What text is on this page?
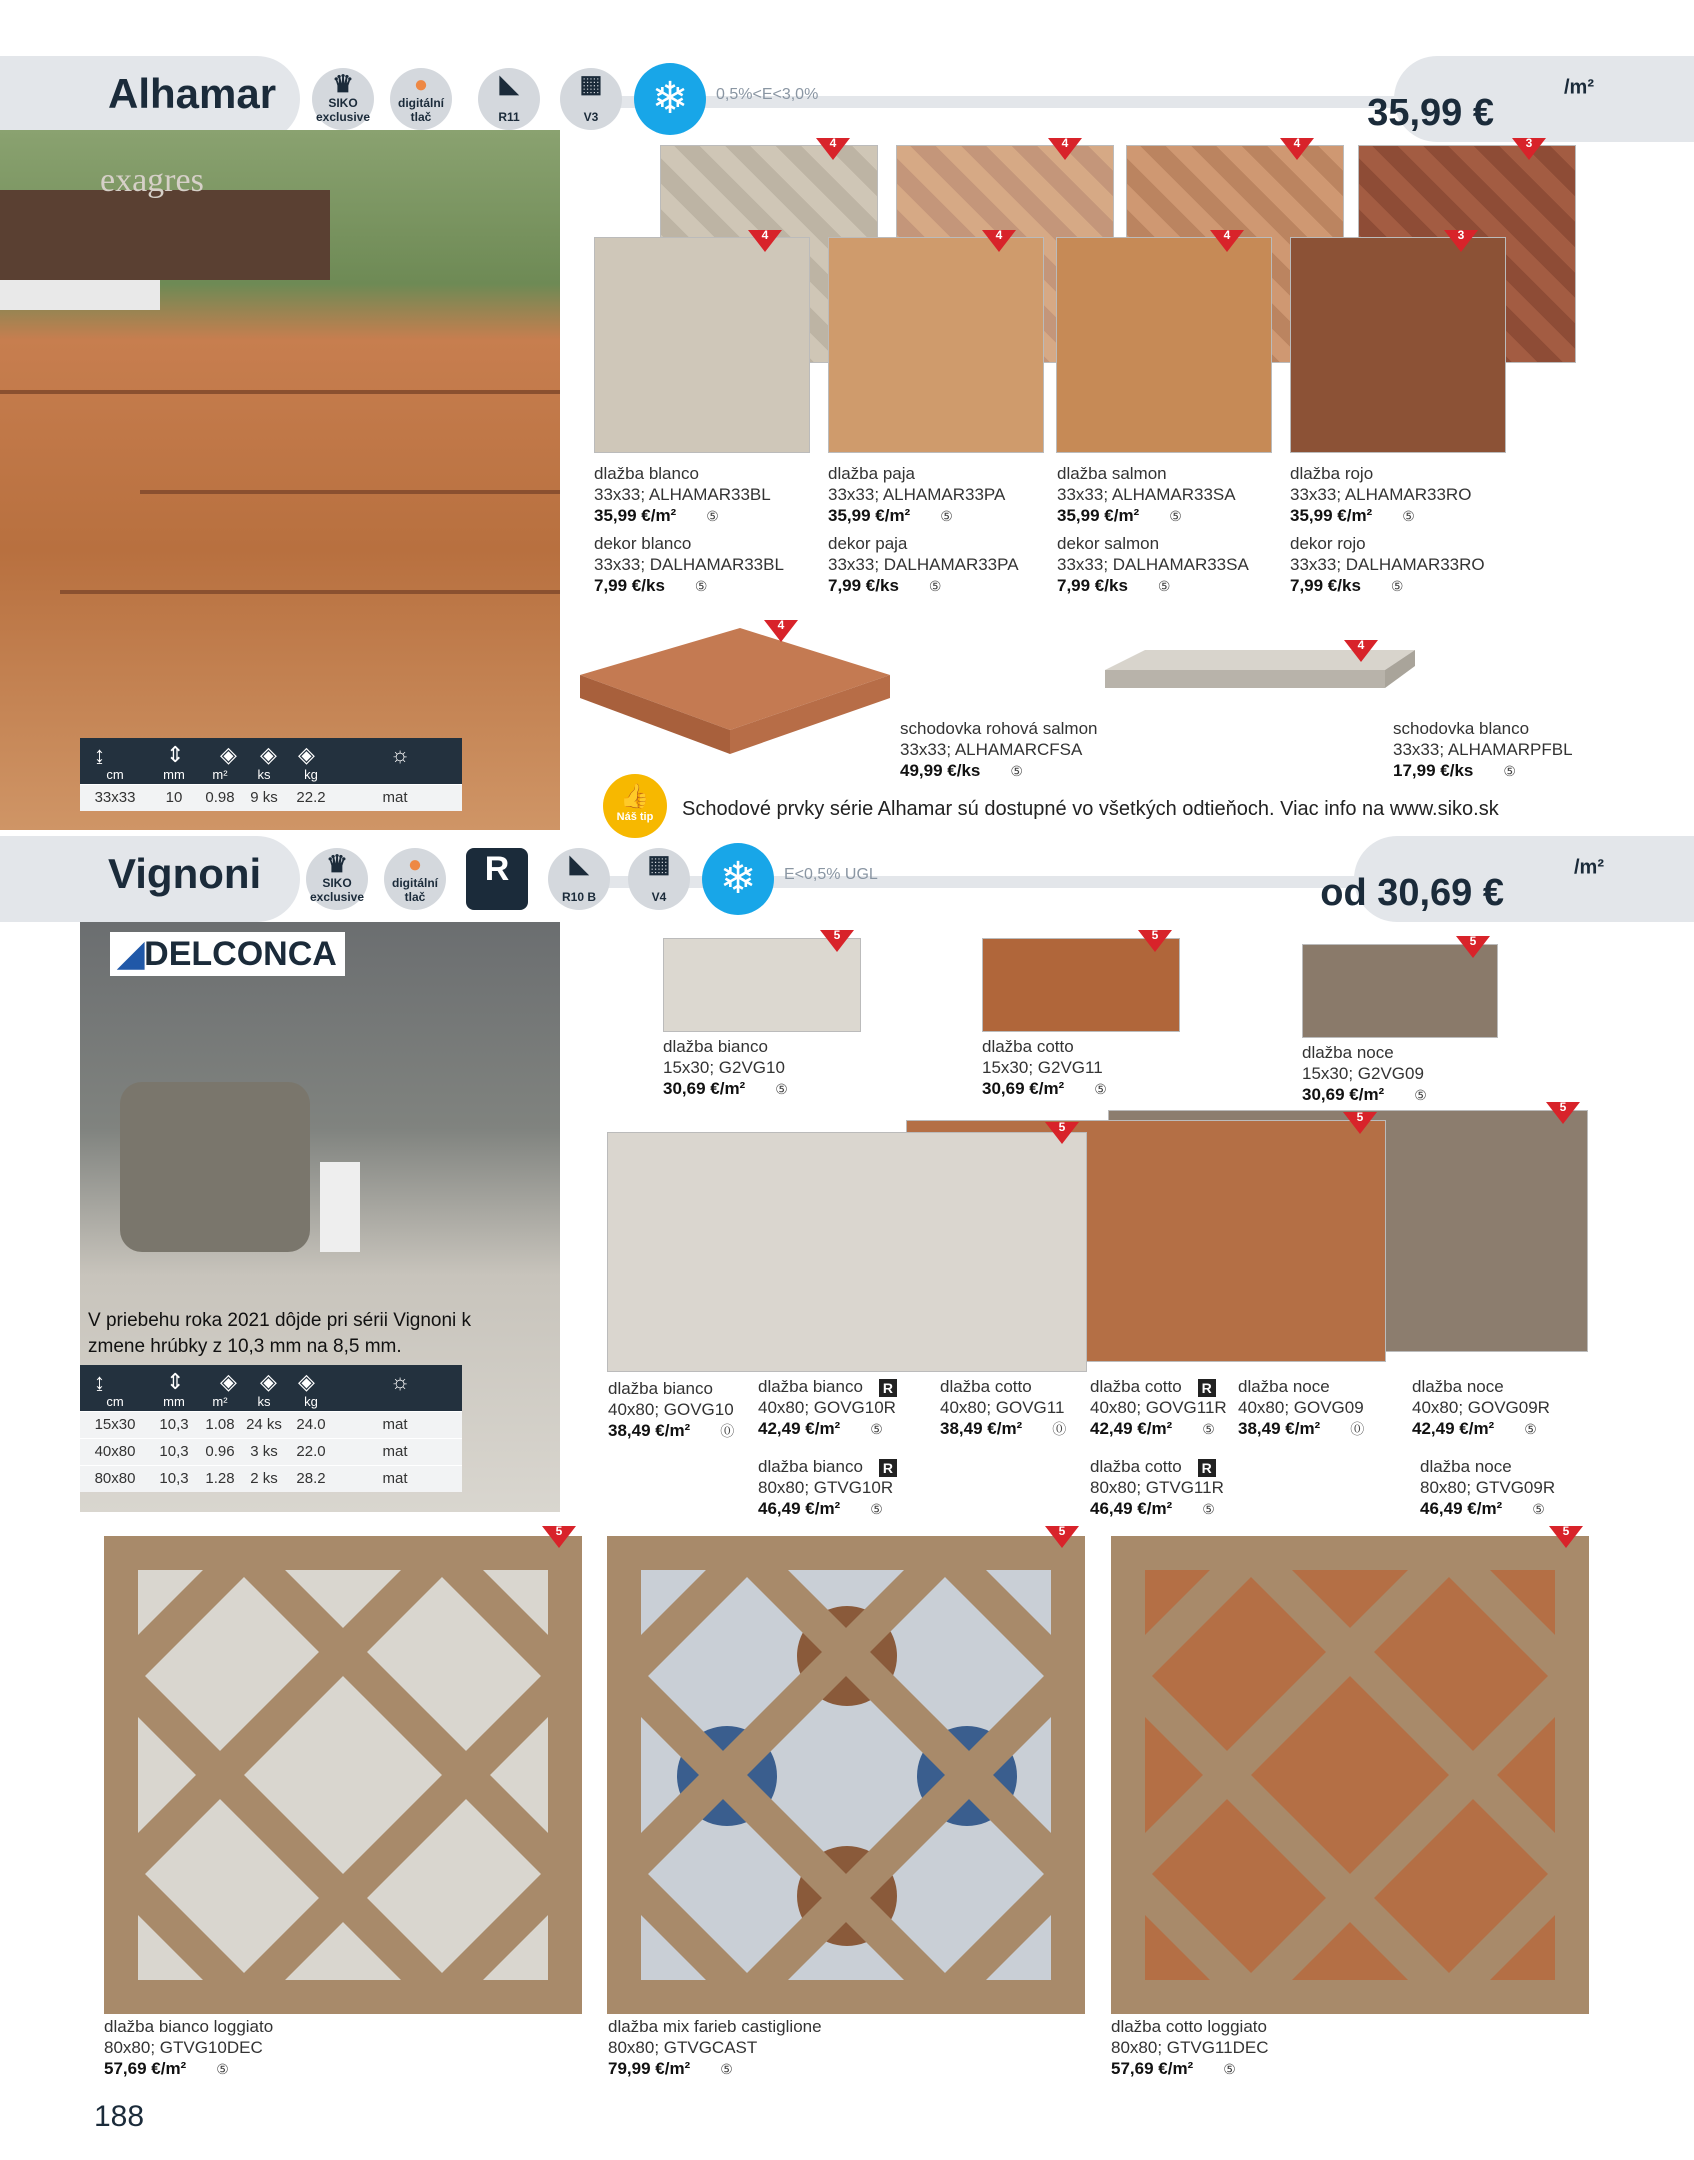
Alhamar	♛
SIKO
exclusive
●
digitální
tlač
◣
R11
▦
V3	❄	0,5%<E<3,0%	35,99 €
$^{/m^2}$
exagres
↨	⇕ ◈ ◈ ◈	☼
cm	mm	m²	ks	kg
33x33	10	0.98	9 ks	22.2	mat
4	4	4	3
4	4	4	3
dlažba blanco
33x33; ALHAMAR33BL
35,99 €/m² ⑤
dekor blanco
33x33; DALHAMAR33BL
7,99 €/ks ⑤
dlažba paja
33x33; ALHAMAR33PA
35,99 €/m² ⑤
dekor paja
33x33; DALHAMAR33PA
7,99 €/ks ⑤
dlažba salmon
33x33; ALHAMAR33SA
35,99 €/m² ⑤
dekor salmon
33x33; DALHAMAR33SA
7,99 €/ks ⑤
dlažba rojo
33x33; ALHAMAR33RO
35,99 €/m² ⑤
dekor rojo
33x33; DALHAMAR33RO
7,99 €/ks ⑤
4
4
schodovka rohová salmon
33x33; ALHAMARCFSA
49,99 €/ks ⑤
schodovka blanco
33x33; ALHAMARPFBL
17,99 €/ks ⑤
👍
Náš tip	Schodové prvky série Alhamar sú dostupné vo všetkých odtieňoch. Viac info na www.siko.sk
Vignoni	♛
SIKO
exclusive
●
digitální
tlač
R	◣
R10 B
▦
V4	❄	E<0,5% UGL	od 30,69 €
$^{/m^2}$
◢DELCONCA
V priebehu roka 2021 dôjde pri sérii Vignoni k zmene hrúbky z 10,3 mm na 8,5 mm.
↨	⇕ ◈ ◈ ◈	☼
cm	mm	m²	ks	kg
15x30	10,3	1.08 24 ks 24.0	mat
40x80	10,3	0.96	3 ks	22.0	mat
80x80	10,3	1.28	2 ks	28.2	mat
5	5	5
dlažba bianco
15x30; G2VG10
30,69 €/m² ⑤
dlažba cotto
15x30; G2VG11
30,69 €/m² ⑤
dlažba noce
15x30; G2VG09
30,69 €/m² ⑤
5
5
5
dlažba bianco
40x80; GOVG10
38,49 €/m² ⓪
dlažba bianco R
40x80; GOVG10R
42,49 €/m² ⑤
dlažba cotto
40x80; GOVG11
38,49 €/m² ⓪
dlažba cotto R
40x80; GOVG11R
42,49 €/m² ⑤
dlažba noce
40x80; GOVG09
38,49 €/m² ⓪
dlažba noce
40x80; GOVG09R
42,49 €/m² ⑤
dlažba bianco R
80x80; GTVG10R
46,49 €/m² ⑤
dlažba cotto R
80x80; GTVG11R
46,49 €/m² ⑤
dlažba noce
80x80; GTVG09R
46,49 €/m² ⑤
5	5	5
dlažba bianco loggiato
80x80; GTVG10DEC
57,69 €/m² ⑤
dlažba mix farieb castiglione
80x80; GTVGCAST
79,99 €/m² ⑤
dlažba cotto loggiato
80x80; GTVG11DEC
57,69 €/m² ⑤
188
